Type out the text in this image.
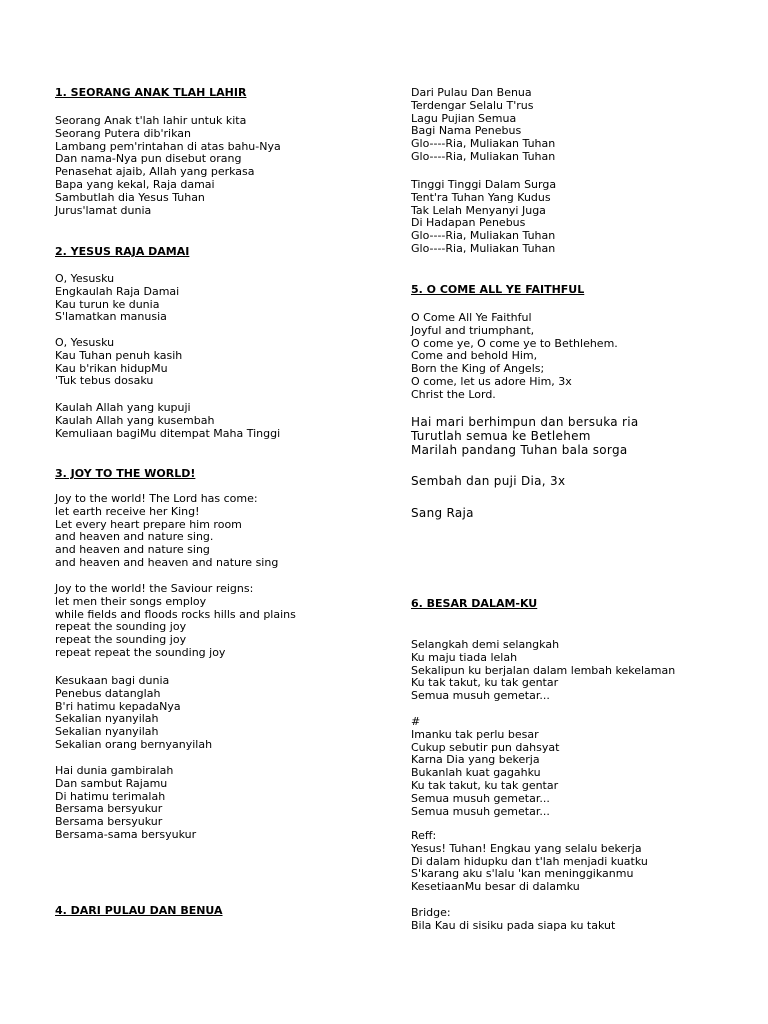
1. SEORANG ANAK TLAH LAHIR
Seorang Anak t'lah lahir untuk kita
Seorang Putera dib'rikan
Lambang pem'rintahan di atas bahu-Nya
Dan nama-Nya pun disebut orang
Penasehat ajaib, Allah yang perkasa
Bapa yang kekal, Raja damai
Sambutlah dia Yesus Tuhan
Jurus'lamat dunia
2. YESUS RAJA DAMAI
O, Yesusku
Engkaulah Raja Damai
Kau turun ke dunia
S'lamatkan manusia
O, Yesusku
Kau Tuhan penuh kasih
Kau b'rikan hidupMu
'Tuk tebus dosaku
Kaulah Allah yang kupuji
Kaulah Allah yang kusembah
Kemuliaan bagiMu ditempat Maha Tinggi
3. JOY TO THE WORLD!
Joy to the world! The Lord has come:
let earth receive her King!
Let every heart prepare him room
and heaven and nature sing.
and heaven and nature sing
and heaven and heaven and nature sing
Joy to the world! the Saviour reigns:
let men their songs employ
while fields and floods rocks hills and plains
repeat the sounding joy
repeat the sounding joy
repeat repeat the sounding joy
Kesukaan bagi dunia
Penebus datanglah
B'ri hatimu kepadaNya
Sekalian nyanyilah
Sekalian nyanyilah
Sekalian orang bernyanyilah
Hai dunia gambiralah
Dan sambut Rajamu
Di hatimu terimalah
Bersama bersyukur
Bersama bersyukur
Bersama-sama bersyukur
4. DARI PULAU DAN BENUA
Dari Pulau Dan Benua
Terdengar Selalu T'rus
Lagu Pujian Semua
Bagi Nama Penebus
Glo----Ria, Muliakan Tuhan
Glo----Ria, Muliakan Tuhan
Tinggi Tinggi Dalam Surga
Tent'ra Tuhan Yang Kudus
Tak Lelah Menyanyi Juga
Di Hadapan Penebus
Glo----Ria, Muliakan Tuhan
Glo----Ria, Muliakan Tuhan
5. O COME ALL YE FAITHFUL
O Come All Ye Faithful
Joyful and triumphant,
O come ye, O come ye to Bethlehem.
Come and behold Him,
Born the King of Angels;
O come, let us adore Him, 3x
Christ the Lord.
Hai mari berhimpun dan bersuka ria
Turutlah semua ke Betlehem
Marilah pandang Tuhan bala sorga
Sembah dan puji Dia, 3x
Sang Raja
6. BESAR DALAM-KU
Selangkah demi selangkah
Ku maju tiada lelah
Sekalipun ku berjalan dalam lembah kekelaman
Ku tak takut, ku tak gentar
Semua musuh gemetar...
#
Imanku tak perlu besar
Cukup sebutir pun dahsyat
Karna Dia yang bekerja
Bukanlah kuat gagahku
Ku tak takut, ku tak gentar
Semua musuh gemetar...
Semua musuh gemetar...
Reff:
Yesus! Tuhan! Engkau yang selalu bekerja
Di dalam hidupku dan t'lah menjadi kuatku
S'karang aku s'lalu 'kan meninggikanmu
KesetiaanMu besar di dalamku
Bridge:
Bila Kau di sisiku pada siapa ku takut
